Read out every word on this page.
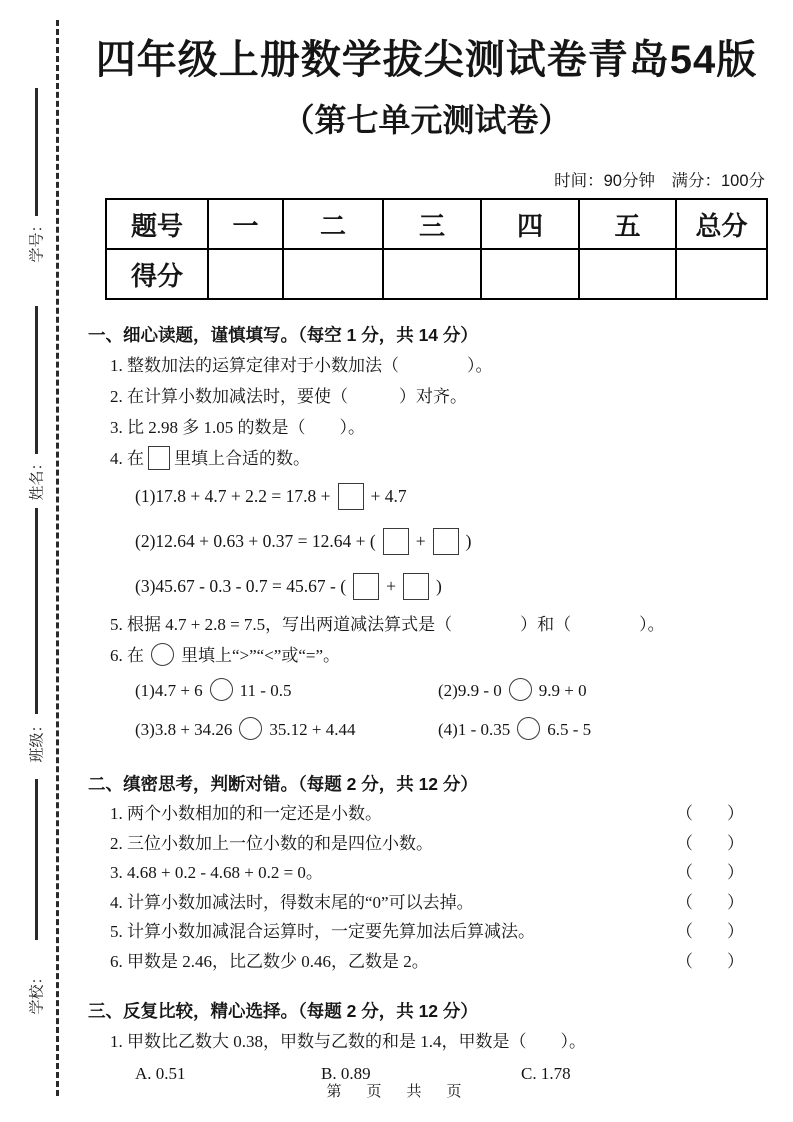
学号：
姓名：
班级：
学校：
四年级上册数学拔尖测试卷青岛54版
（第七单元测试卷）
时间：90分钟　满分：100分
题号	一	二	三	四	五	总分
得分						
一、细心读题，谨慎填写。（每空 1 分，共 14 分）
1. 整数加法的运算定律对于小数加法（　　　　）。
2. 在计算小数加减法时，要使（　　　）对齐。
3. 比 2.98 多 1.05 的数是（　　）。
4. 在 里填上合适的数。
(1)17.8 + 4.7 + 2.2 = 17.8 + + 4.7
(2)12.64 + 0.63 + 0.37 = 12.64 + ( + )
(3)45.67 - 0.3 - 0.7 = 45.67 - ( + )
5. 根据 4.7 + 2.8 = 7.5，写出两道减法算式是（　　　　）和（　　　　）。
6. 在 里填上“>”“<”或“=”。
(1)4.7 + 6 11 - 0.5	(2)9.9 - 0 9.9 + 0
(3)3.8 + 34.26 35.12 + 4.44	(4)1 - 0.35 6.5 - 5
二、缜密思考，判断对错。（每题 2 分，共 12 分）
1. 两个小数相加的和一定还是小数。	（　　）
2. 三位小数加上一位小数的和是四位小数。	（　　）
3. 4.68 + 0.2 - 4.68 + 0.2 = 0。	（　　）
4. 计算小数加减法时，得数末尾的“0”可以去掉。	（　　）
5. 计算小数加减混合运算时，一定要先算加法后算减法。	（　　）
6. 甲数是 2.46，比乙数少 0.46，乙数是 2。	（　　）
三、反复比较，精心选择。（每题 2 分，共 12 分）
1. 甲数比乙数大 0.38，甲数与乙数的和是 1.4，甲数是（　　）。
A. 0.51	B. 0.89	C. 1.78
第　页　共　页
